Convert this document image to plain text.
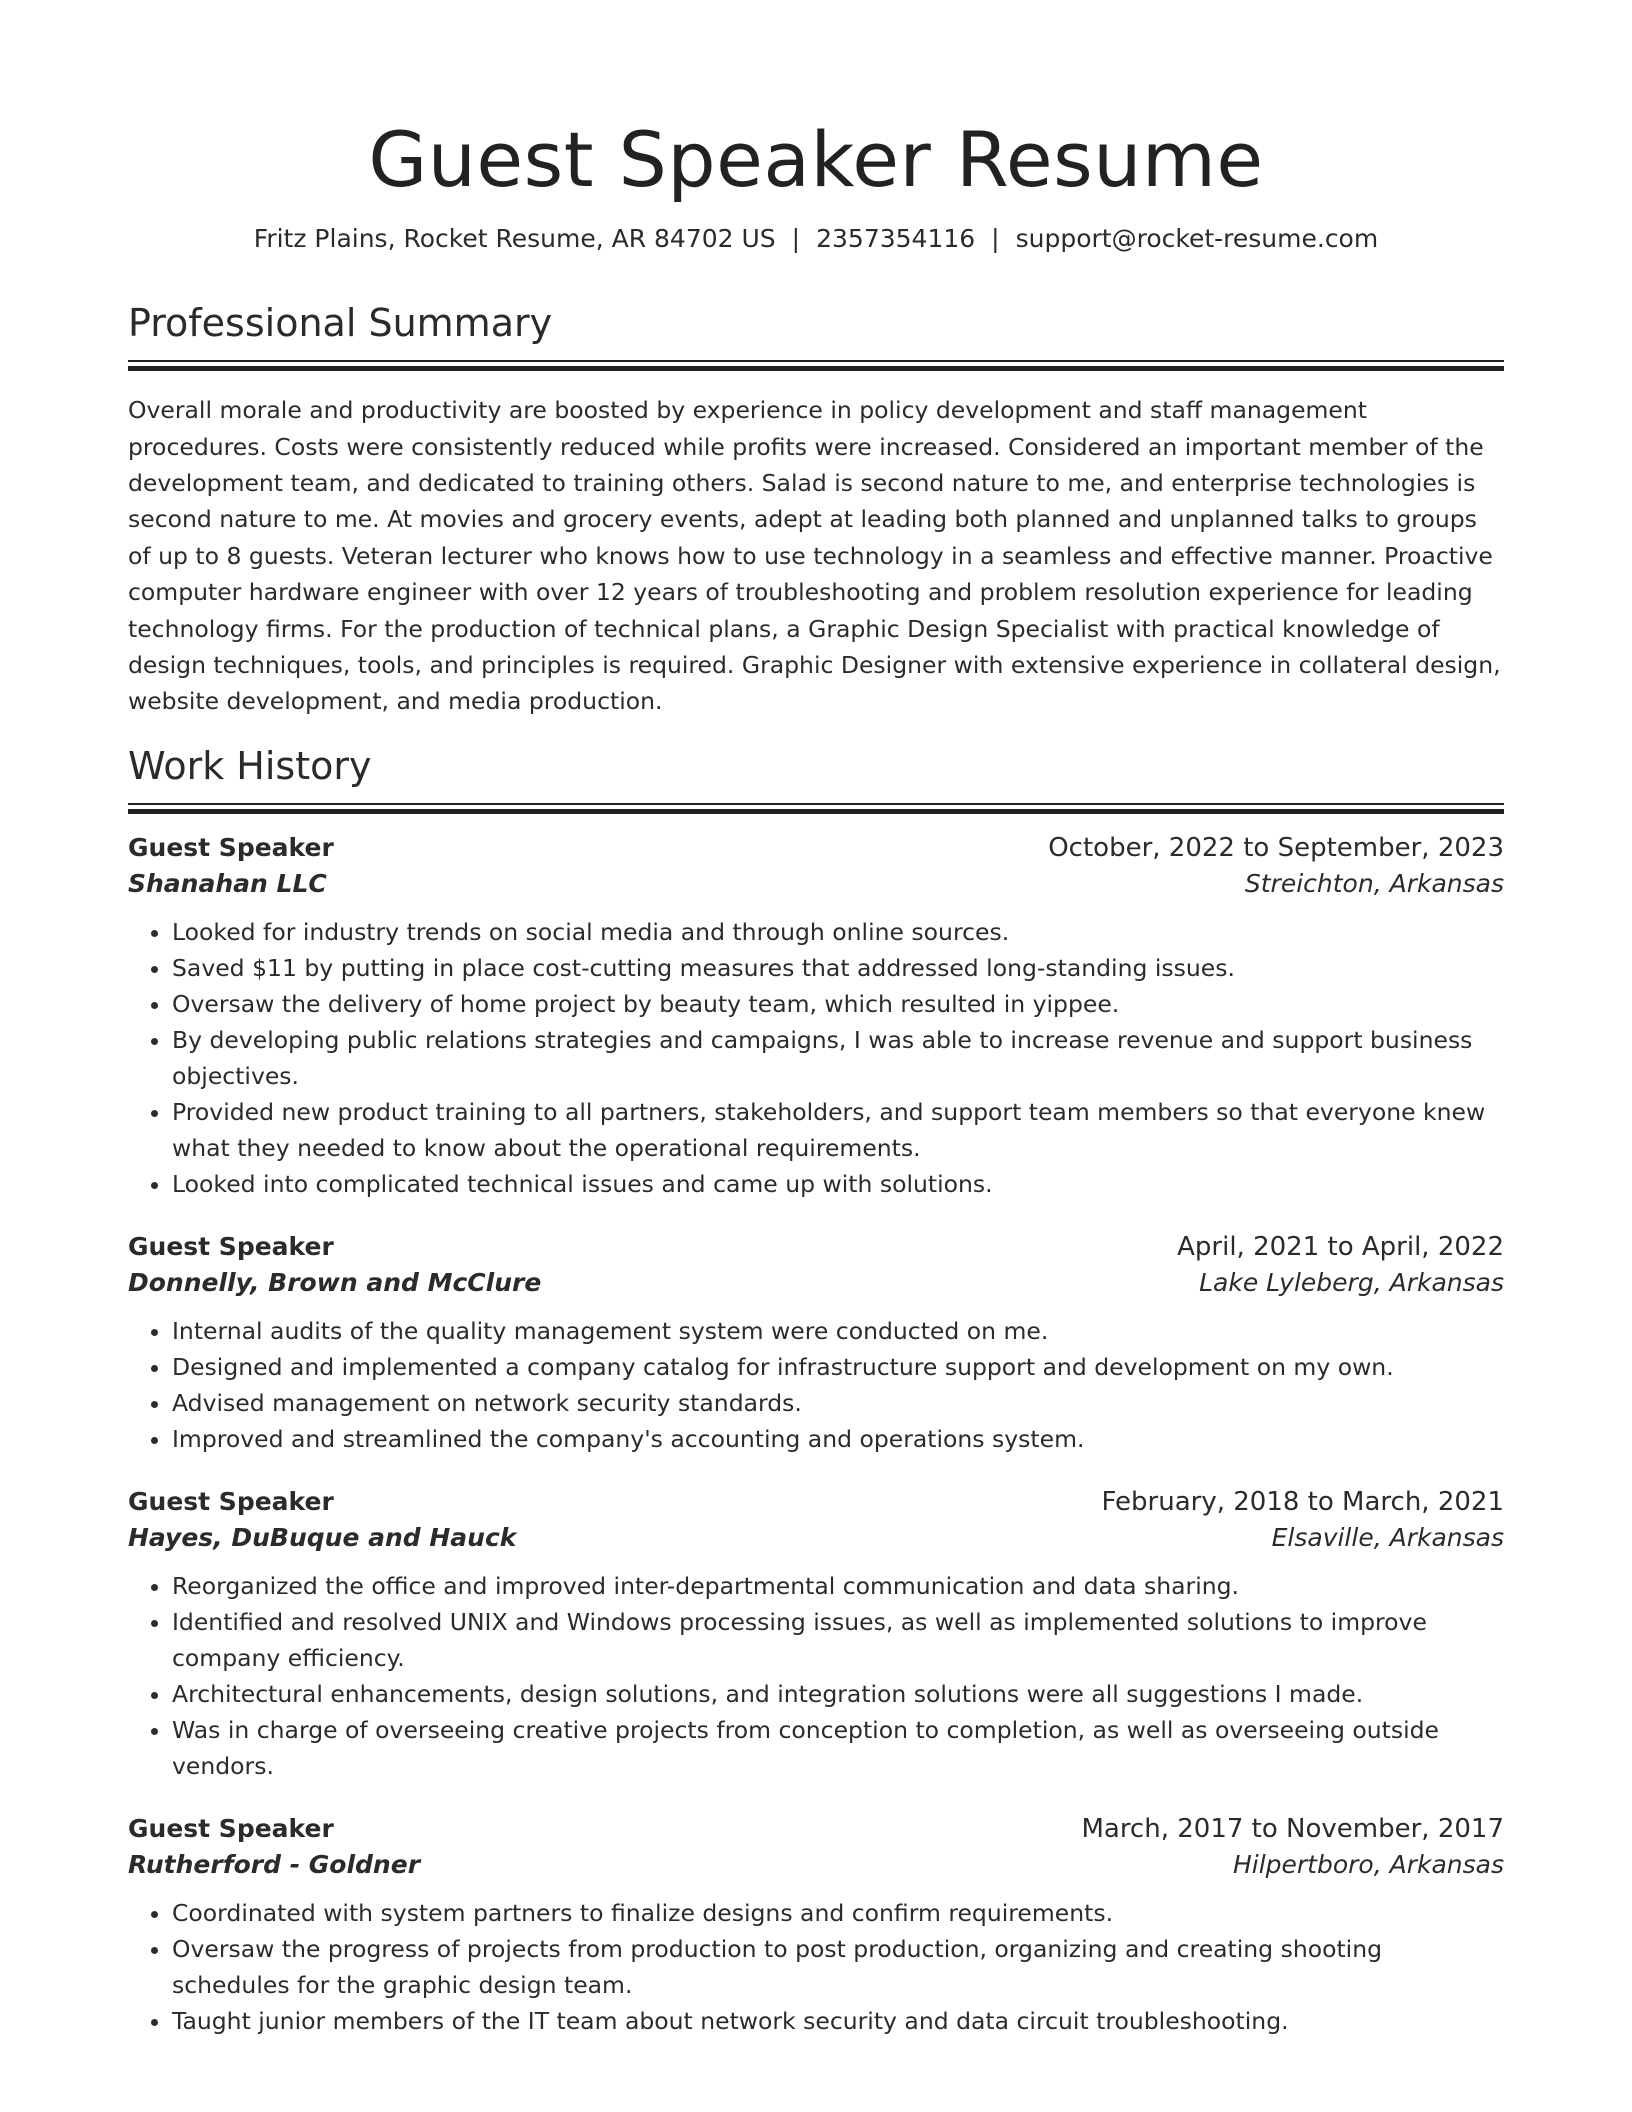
Guest Speaker Resume
Fritz Plains, Rocket Resume, AR 84702 US | 2357354116 | support@rocket-resume.com
Professional Summary

Overall morale and productivity are boosted by experience in policy development and staff management procedures. Costs were consistently reduced while profits were increased. Considered an important member of the development team, and dedicated to training others. Salad is second nature to me, and enterprise technologies is second nature to me. At movies and grocery events, adept at leading both planned and unplanned talks to groups of up to 8 guests. Veteran lecturer who knows how to use technology in a seamless and effective manner. Proactive computer hardware engineer with over 12 years of troubleshooting and problem resolution experience for leading technology firms. For the production of technical plans, a Graphic Design Specialist with practical knowledge of design techniques, tools, and principles is required. Graphic Designer with extensive experience in collateral design, website development, and media production.

Work History
Guest Speaker	October, 2022 to September, 2023
Shanahan LLC	Streichton, Arkansas
• Looked for industry trends on social media and through online sources.
• Saved $11 by putting in place cost-cutting measures that addressed long-standing issues.
• Oversaw the delivery of home project by beauty team, which resulted in yippee.
• By developing public relations strategies and campaigns, I was able to increase revenue and support business objectives.
• Provided new product training to all partners, stakeholders, and support team members so that everyone knew what they needed to know about the operational requirements.
• Looked into complicated technical issues and came up with solutions.
Guest Speaker	April, 2021 to April, 2022
Donnelly, Brown and McClure	Lake Lyleberg, Arkansas
• Internal audits of the quality management system were conducted on me.
• Designed and implemented a company catalog for infrastructure support and development on my own.
• Advised management on network security standards.
• Improved and streamlined the company's accounting and operations system.
Guest Speaker	February, 2018 to March, 2021
Hayes, DuBuque and Hauck	Elsaville, Arkansas
• Reorganized the office and improved inter-departmental communication and data sharing.
• Identified and resolved UNIX and Windows processing issues, as well as implemented solutions to improve company efficiency.
• Architectural enhancements, design solutions, and integration solutions were all suggestions I made.
• Was in charge of overseeing creative projects from conception to completion, as well as overseeing outside vendors.
Guest Speaker	March, 2017 to November, 2017
Rutherford - Goldner	Hilpertboro, Arkansas
• Coordinated with system partners to finalize designs and confirm requirements.
• Oversaw the progress of projects from production to post production, organizing and creating shooting schedules for the graphic design team.
• Taught junior members of the IT team about network security and data circuit troubleshooting.
